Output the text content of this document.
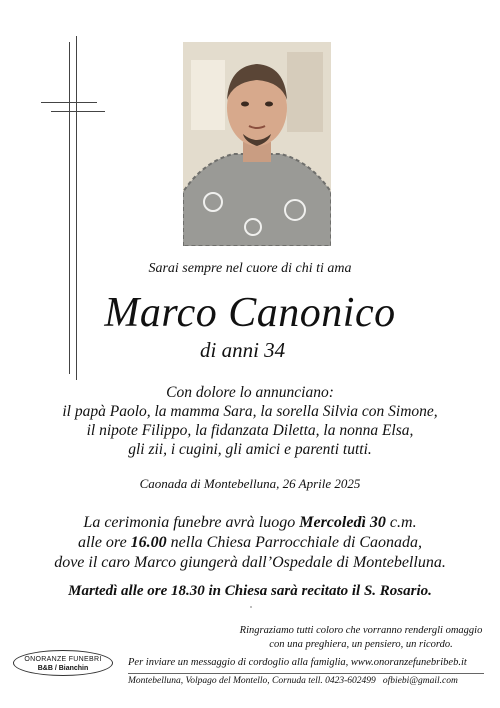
Sarai sempre nel cuore di chi ti ama
Marco Canonico
di anni 34
Con dolore lo annunciano:
il papà Paolo, la mamma Sara, la sorella Silvia con Simone,
il nipote Filippo, la fidanzata Diletta, la nonna Elsa,
gli zii, i cugini, gli amici e parenti tutti.
Caonada di Montebelluna, 26 Aprile 2025
La cerimonia funebre avrà luogo Mercoledì 30 c.m.
alle ore 16.00 nella Chiesa Parrocchiale di Caonada,
dove il caro Marco giungerà dall’Ospedale di Montebelluna.
Martedì alle ore 18.30 in Chiesa sarà recitato il S. Rosario.
Ringraziamo tutti coloro che vorranno rendergli omaggio
con una preghiera, un pensiero, un ricordo.
ONORANZE FUNEBRI
B&B / Bianchin
Per inviare un messaggio di cordoglio alla famiglia, www.onoranzefunebribeb.it
Montebelluna, Volpago del Montello, Cornuda tell. 0423-602499 ofbiebi@gmail.com
